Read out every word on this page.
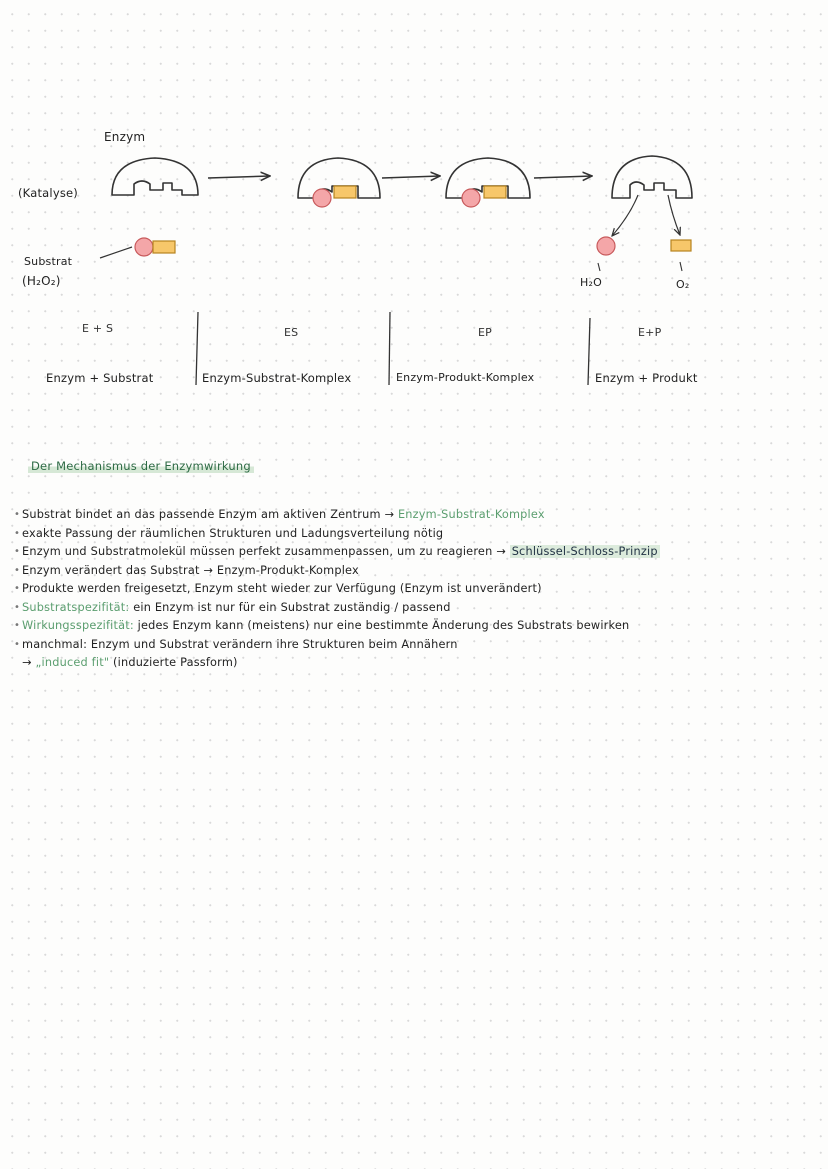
Enzym
(Katalyse)
Substrat
(H₂O₂)	H₂O	O₂
E + S	ES	EP	E+P
Enzym + Substrat	Enzym-Substrat-Komplex	Enzym-Produkt-Komplex	Enzym + Produkt
Der Mechanismus der Enzymwirkung
• Substrat bindet an das passende Enzym am aktiven Zentrum → Enzym-Substrat-Komplex
• exakte Passung der räumlichen Strukturen und Ladungsverteilung nötig
• Enzym und Substratmolekül müssen perfekt zusammenpassen, um zu reagieren → Schlüssel-Schloss-Prinzip
• Enzym verändert das Substrat → Enzym-Produkt-Komplex
• Produkte werden freigesetzt, Enzym steht wieder zur Verfügung (Enzym ist unverändert)
• Substratspezifität: ein Enzym ist nur für ein Substrat zuständig / passend
• Wirkungsspezifität: jedes Enzym kann (meistens) nur eine bestimmte Änderung des Substrats bewirken
• manchmal: Enzym und Substrat verändern ihre Strukturen beim Annähern
→ „induced fit" (induzierte Passform)
